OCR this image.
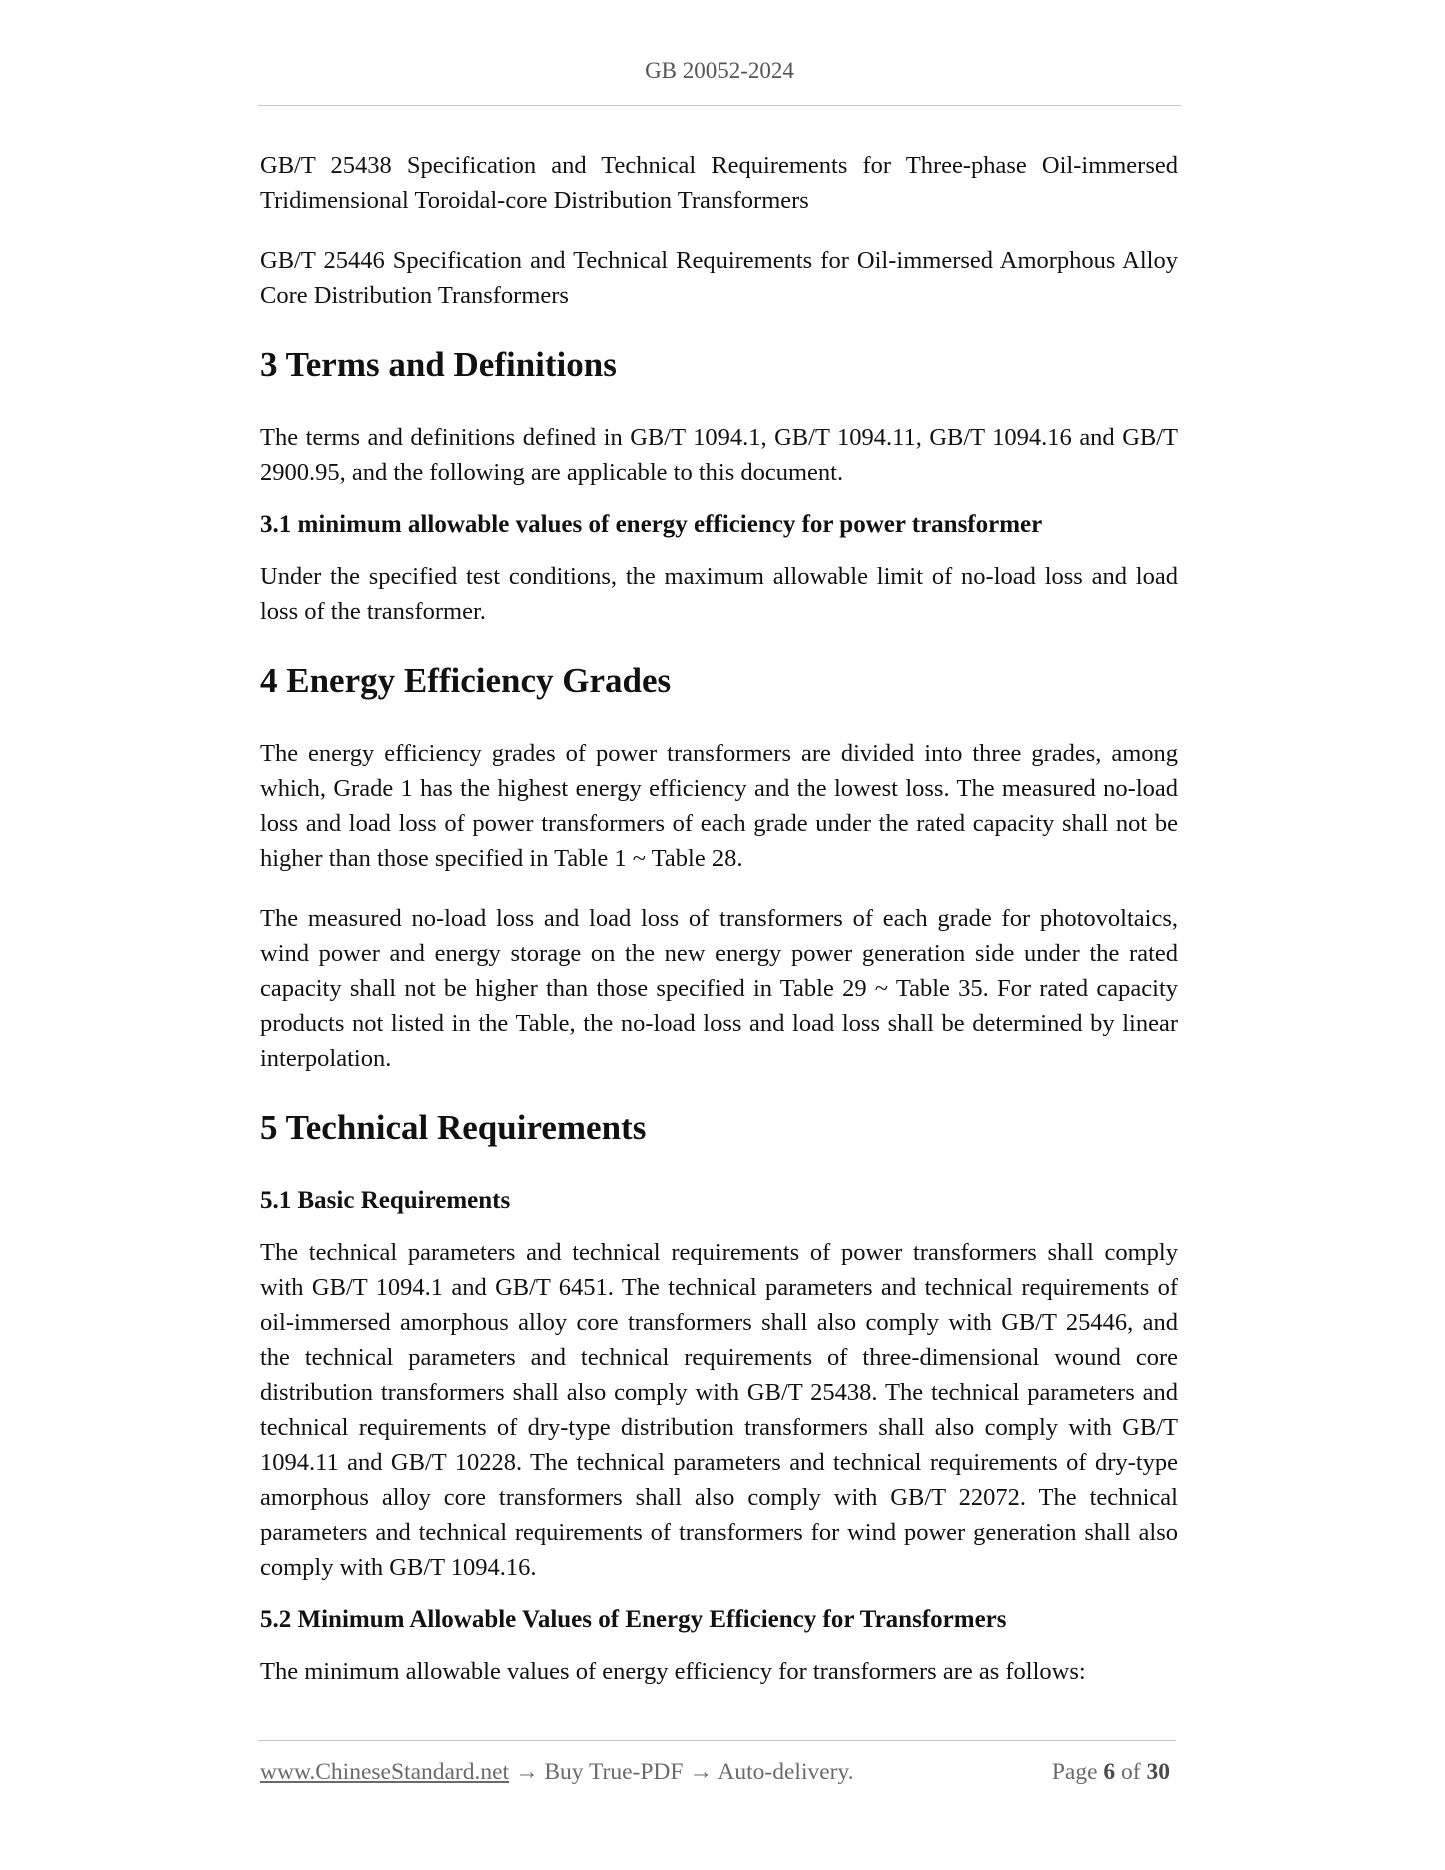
GB 20052-2024

GB/T 25438 Specification and Technical Requirements for Three-phase Oil-immersed Tridimensional Toroidal-core Distribution Transformers

GB/T 25446 Specification and Technical Requirements for Oil-immersed Amorphous Alloy Core Distribution Transformers

3 Terms and Definitions

The terms and definitions defined in GB/T 1094.1, GB/T 1094.11, GB/T 1094.16 and GB/T 2900.95, and the following are applicable to this document.

3.1 minimum allowable values of energy efficiency for power transformer

Under the specified test conditions, the maximum allowable limit of no-load loss and load loss of the transformer.

4 Energy Efficiency Grades

The energy efficiency grades of power transformers are divided into three grades, among which, Grade 1 has the highest energy efficiency and the lowest loss. The measured no-load loss and load loss of power transformers of each grade under the rated capacity shall not be higher than those specified in Table 1 ~ Table 28.

The measured no-load loss and load loss of transformers of each grade for photovoltaics, wind power and energy storage on the new energy power generation side under the rated capacity shall not be higher than those specified in Table 29 ~ Table 35. For rated capacity products not listed in the Table, the no-load loss and load loss shall be determined by linear interpolation.

5 Technical Requirements
5.1 Basic Requirements

The technical parameters and technical requirements of power transformers shall comply with GB/T 1094.1 and GB/T 6451. The technical parameters and technical requirements of oil-immersed amorphous alloy core transformers shall also comply with GB/T 25446, and the technical parameters and technical requirements of three-dimensional wound core distribution transformers shall also comply with GB/T 25438. The technical parameters and technical requirements of dry-type distribution transformers shall also comply with GB/T 1094.11 and GB/T 10228. The technical parameters and technical requirements of dry-type amorphous alloy core transformers shall also comply with GB/T 22072. The technical parameters and technical requirements of transformers for wind power generation shall also comply with GB/T 1094.16.

5.2 Minimum Allowable Values of Energy Efficiency for Transformers

The minimum allowable values of energy efficiency for transformers are as follows:

www.ChineseStandard.net → Buy True-PDF → Auto-delivery.	Page 6 of 30
